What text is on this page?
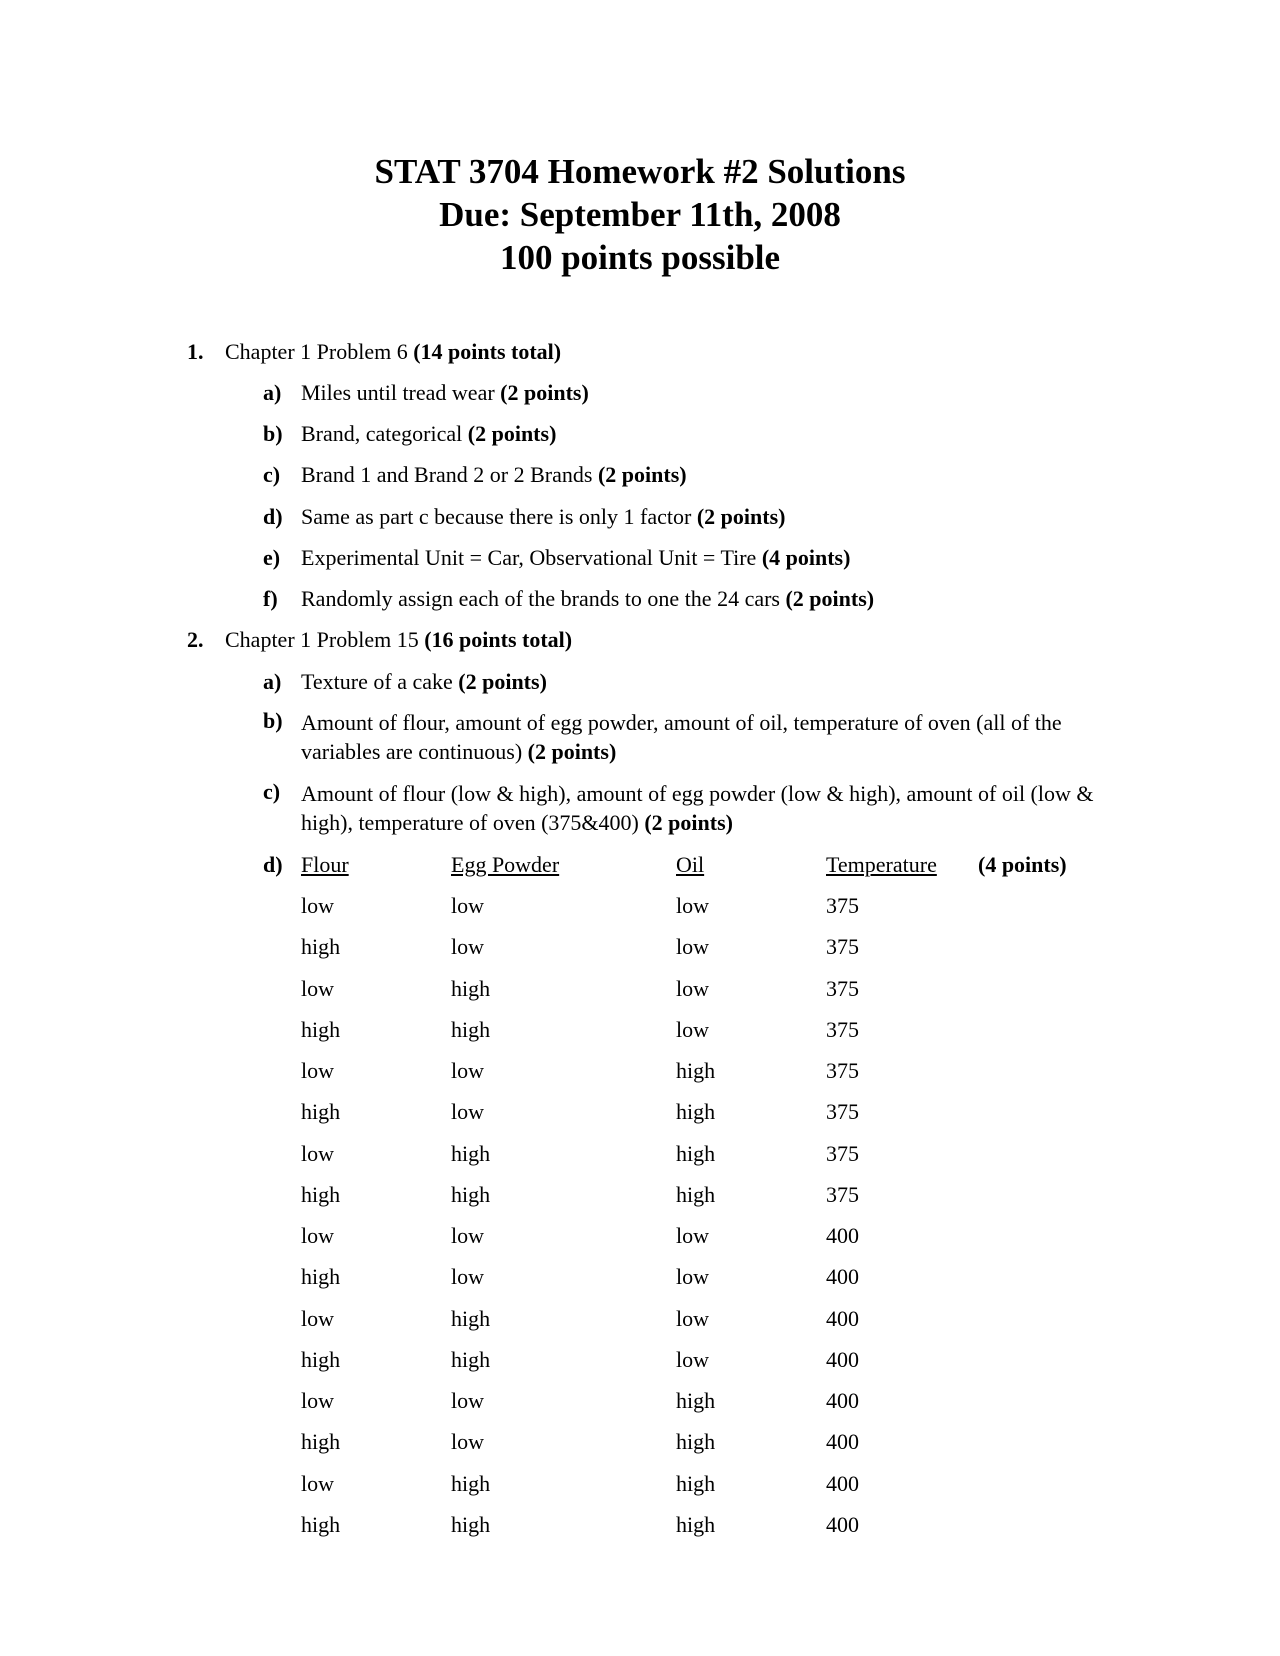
STAT 3704 Homework #2 Solutions
Due: September 11th, 2008
100 points possible
1. Chapter 1 Problem 6 (14 points total)
a) Miles until tread wear (2 points)
b) Brand, categorical (2 points)
c) Brand 1 and Brand 2 or 2 Brands (2 points)
d) Same as part c because there is only 1 factor (2 points)
e) Experimental Unit = Car, Observational Unit = Tire (4 points)
f) Randomly assign each of the brands to one the 24 cars (2 points)
2. Chapter 1 Problem 15 (16 points total)
a) Texture of a cake (2 points)
b) Amount of flour, amount of egg powder, amount of oil, temperature of oven (all of the variables are continuous) (2 points)
c) Amount of flour (low & high), amount of egg powder (low & high), amount of oil (low & high), temperature of oven (375&400) (2 points)
d) Flour	Egg Powder	Oil	Temperature	(4 points)
low	low	low	375
high	low	low	375
low	high	low	375
high	high	low	375
low	low	high	375
high	low	high	375
low	high	high	375
high	high	high	375
low	low	low	400
high	low	low	400
low	high	low	400
high	high	low	400
low	low	high	400
high	low	high	400
low	high	high	400
high	high	high	400
